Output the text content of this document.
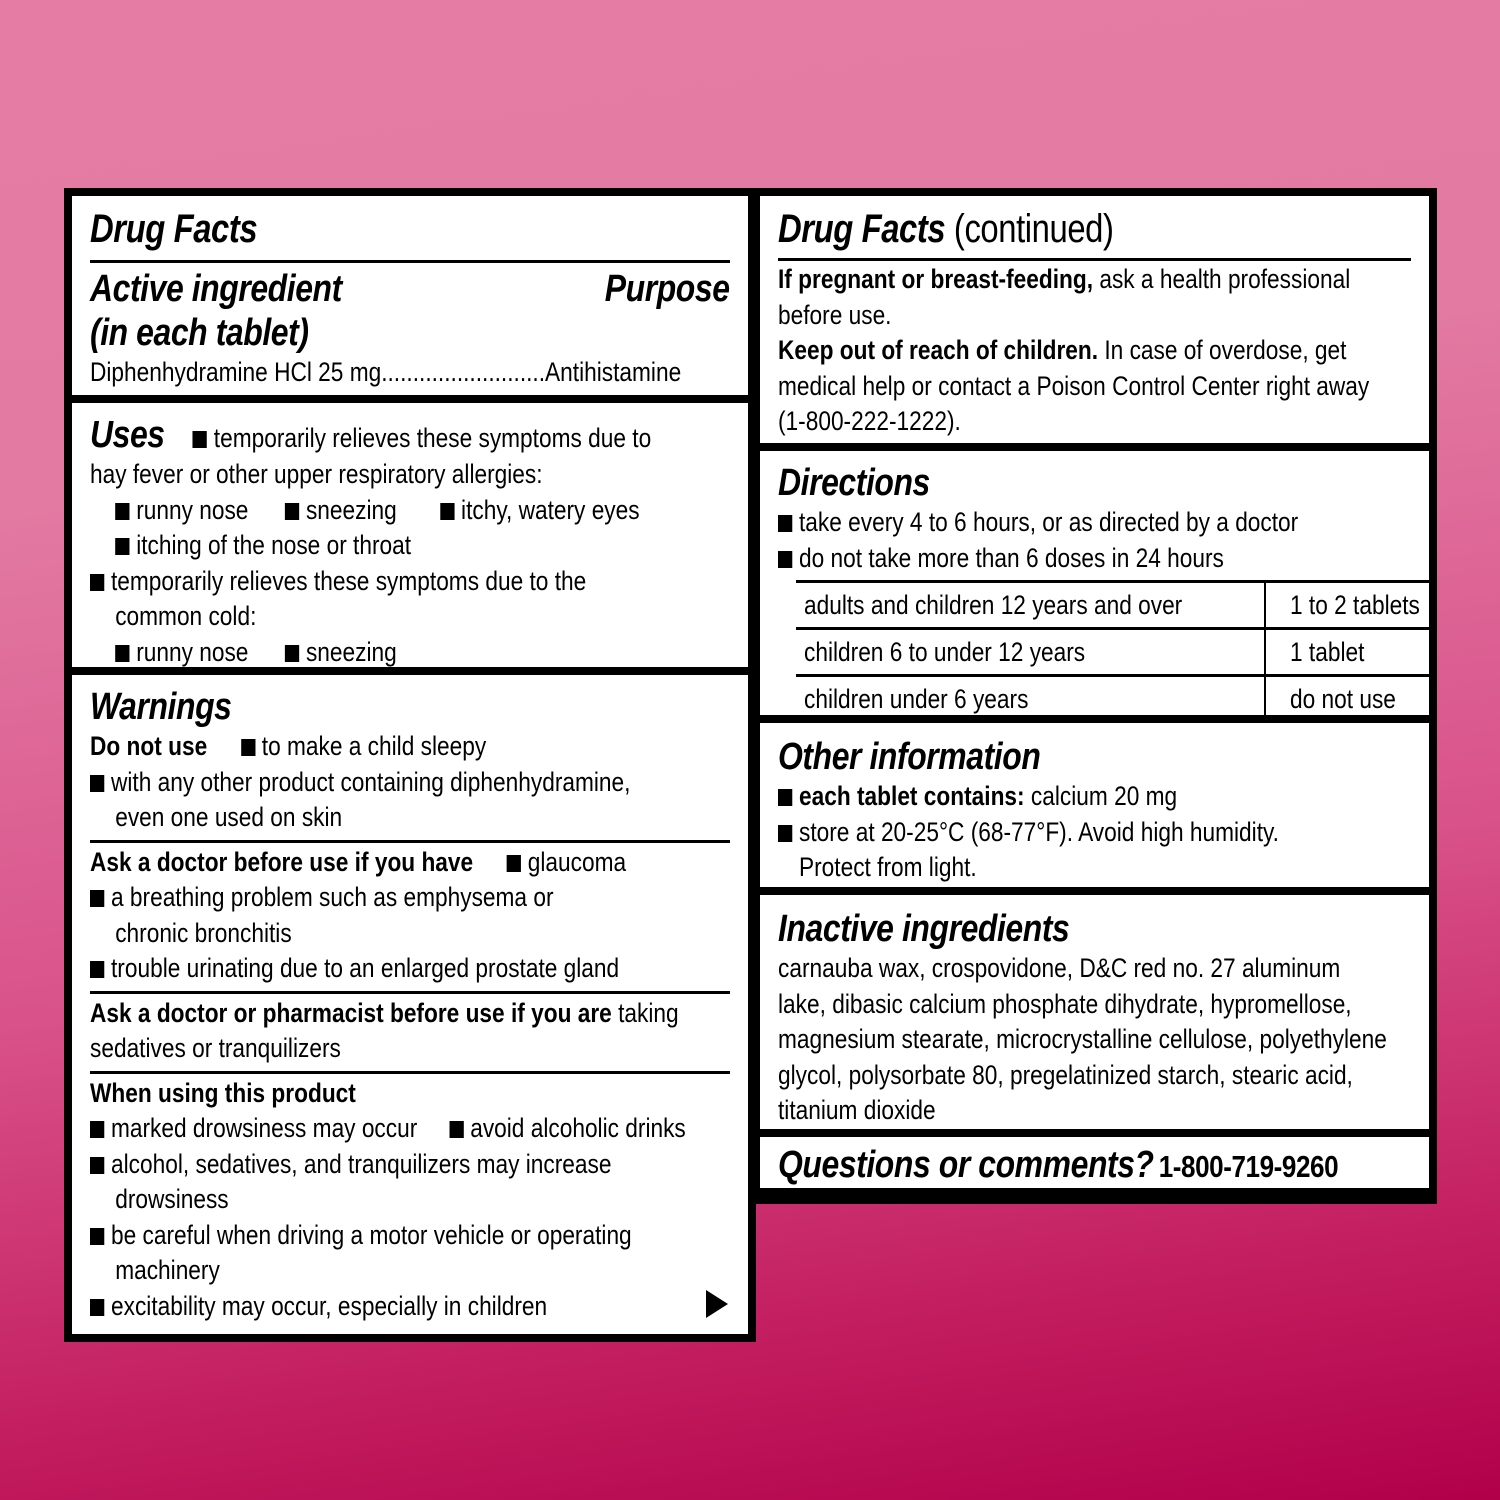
Drug Facts
Active ingredient	Purpose
(in each tablet)
Diphenhydramine HCl 25 mg..........................Antihistamine
Uses temporarily relieves these symptoms due to
hay fever or other upper respiratory allergies:
runny nose sneezing itchy, watery eyes
itching of the nose or throat
temporarily relieves these symptoms due to the
common cold:
runny nose sneezing
Warnings
Do not use to make a child sleepy
with any other product containing diphenhydramine,
even one used on skin
Ask a doctor before use if you have glaucoma
a breathing problem such as emphysema or
chronic bronchitis
trouble urinating due to an enlarged prostate gland
Ask a doctor or pharmacist before use if you are taking
sedatives or tranquilizers
When using this product
marked drowsiness may occur avoid alcoholic drinks
alcohol, sedatives, and tranquilizers may increase
drowsiness
be careful when driving a motor vehicle or operating
machinery
excitability may occur, especially in children
Drug Facts (continued)
If pregnant or breast-feeding, ask a health professional
before use.
Keep out of reach of children. In case of overdose, get
medical help or contact a Poison Control Center right away
(1-800-222-1222).
Directions
take every 4 to 6 hours, or as directed by a doctor
do not take more than 6 doses in 24 hours
adults and children 12 years and over	1 to 2 tablets
children 6 to under 12 years	1 tablet
children under 6 years	do not use
Other information
each tablet contains: calcium 20 mg
store at 20-25°C (68-77°F). Avoid high humidity.
Protect from light.
Inactive ingredients
carnauba wax, crospovidone, D&C red no. 27 aluminum
lake, dibasic calcium phosphate dihydrate, hypromellose,
magnesium stearate, microcrystalline cellulose, polyethylene
glycol, polysorbate 80, pregelatinized starch, stearic acid,
titanium dioxide
Questions or comments? 1-800-719-9260
